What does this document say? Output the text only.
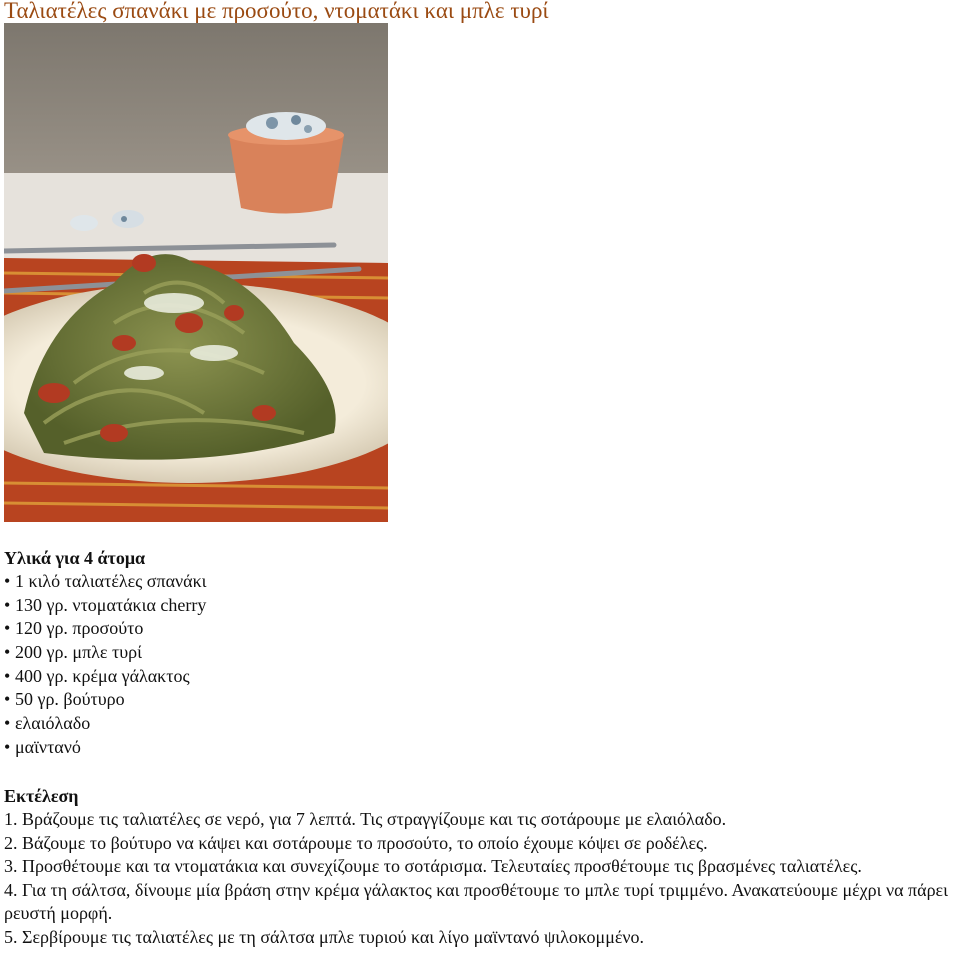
Ταλιατέλες σπανάκι με προσούτο, ντοματάκι και μπλε τυρί
Υλικά για 4 άτομα
• 1 κιλό ταλιατέλες σπανάκι
• 130 γρ. ντοματάκια cherry
• 120 γρ. προσούτο
• 200 γρ. μπλε τυρί
• 400 γρ. κρέμα γάλακτος
• 50 γρ. βούτυρο
• ελαιόλαδο
• μαϊντανό
Εκτέλεση

1. Βράζουμε τις ταλιατέλες σε νερό, για 7 λεπτά. Τις στραγγίζουμε και τις σοτάρουμε με ελαιόλαδο.

2. Βάζουμε το βούτυρο να κάψει και σοτάρουμε το προσούτο, το οποίο έχουμε κόψει σε ροδέλες.

3. Προσθέτουμε και τα ντοματάκια και συνεχίζουμε το σοτάρισμα. Τελευταίες προσθέτουμε τις βρασμένες ταλιατέλες.

4. Για τη σάλτσα, δίνουμε μία βράση στην κρέμα γάλακτος και προσθέτουμε το μπλε τυρί τριμμένο. Ανακατεύουμε μέχρι να πάρει ρευστή μορφή.

5. Σερβίρουμε τις ταλιατέλες με τη σάλτσα μπλε τυριού και λίγο μαϊντανό ψιλοκομμένο.
